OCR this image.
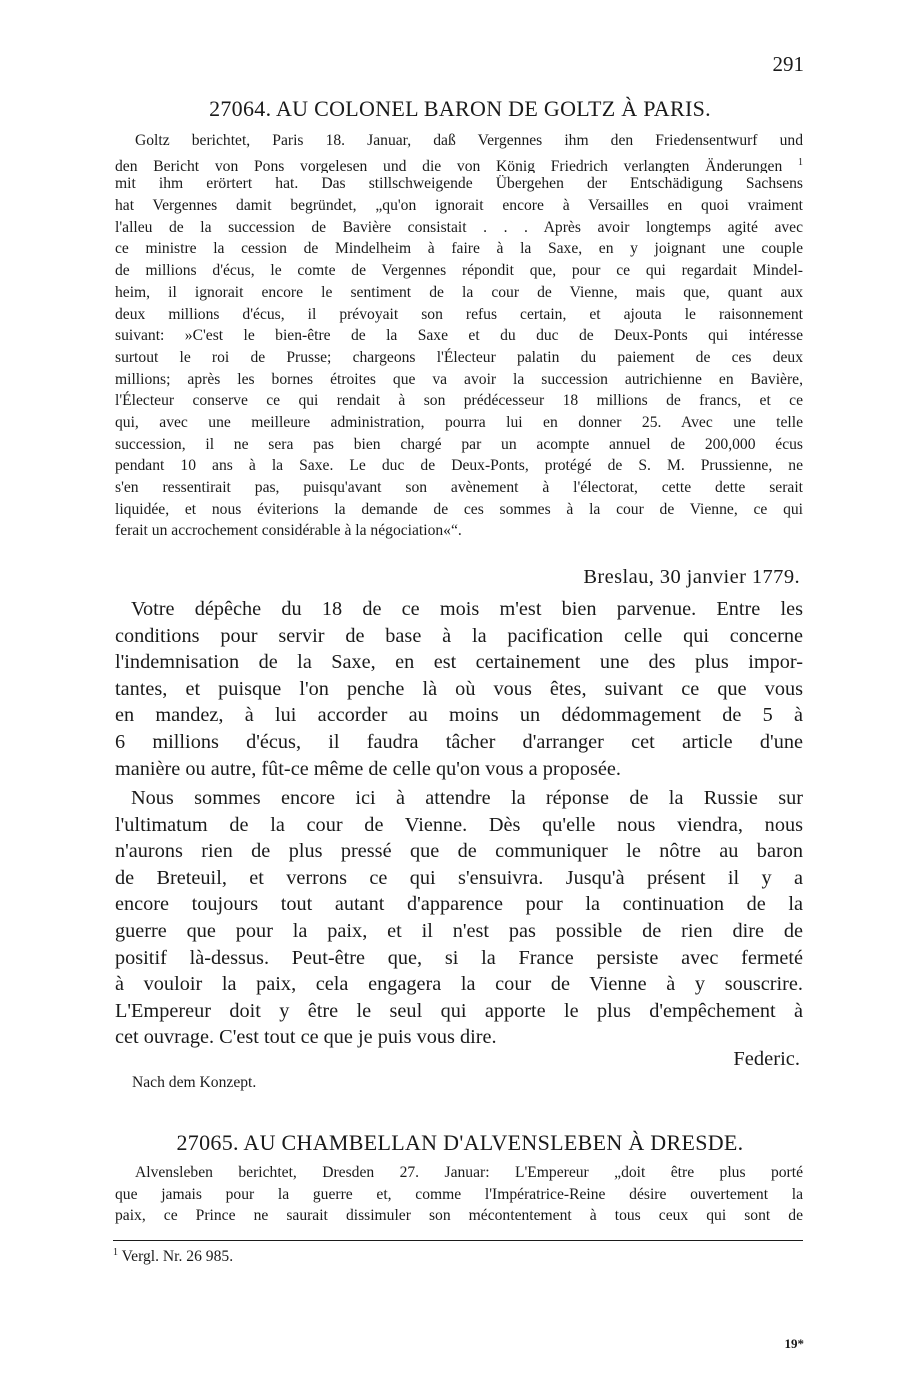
291
27064. AU COLONEL BARON DE GOLTZ À PARIS.
Goltz berichtet, Paris 18. Januar, daß Vergennes ihm den Friedensentwurf und
den Bericht von Pons vorgelesen und die von König Friedrich verlangten Änderungen $^1$
mit ihm erörtert hat. Das stillschweigende Übergehen der Entschädigung Sachsens
hat Vergennes damit begründet, „qu'on ignorait encore à Versailles en quoi vraiment
l'alleu de la succession de Bavière consistait . . . Après avoir longtemps agité avec
ce ministre la cession de Mindelheim à faire à la Saxe, en y joignant une couple
de millions d'écus, le comte de Vergennes répondit que, pour ce qui regardait Mindel-
heim, il ignorait encore le sentiment de la cour de Vienne, mais que, quant aux
deux millions d'écus, il prévoyait son refus certain, et ajouta le raisonnement
suivant: »C'est le bien-être de la Saxe et du duc de Deux-Ponts qui intéresse
surtout le roi de Prusse; chargeons l'Électeur palatin du paiement de ces deux
millions; après les bornes étroites que va avoir la succession autrichienne en Bavière,
l'Électeur conserve ce qui rendait à son prédécesseur 18 millions de francs, et ce
qui, avec une meilleure administration, pourra lui en donner 25. Avec une telle
succession, il ne sera pas bien chargé par un acompte annuel de 200,000 écus
pendant 10 ans à la Saxe. Le duc de Deux-Ponts, protégé de S. M. Prussienne, ne
s'en ressentirait pas, puisqu'avant son avènement à l'électorat, cette dette serait
liquidée, et nous éviterions la demande de ces sommes à la cour de Vienne, ce qui
ferait un accrochement considérable à la négociation«“.
Breslau, 30 janvier 1779.
Votre dépêche du 18 de ce mois m'est bien parvenue. Entre les
conditions pour servir de base à la pacification celle qui concerne
l'indemnisation de la Saxe, en est certainement une des plus impor-
tantes, et puisque l'on penche là où vous êtes, suivant ce que vous
en mandez, à lui accorder au moins un dédommagement de 5 à
6 millions d'écus, il faudra tâcher d'arranger cet article d'une
manière ou autre, fût-ce même de celle qu'on vous a proposée.
Nous sommes encore ici à attendre la réponse de la Russie sur
l'ultimatum de la cour de Vienne. Dès qu'elle nous viendra, nous
n'aurons rien de plus pressé que de communiquer le nôtre au baron
de Breteuil, et verrons ce qui s'ensuivra. Jusqu'à présent il y a
encore toujours tout autant d'apparence pour la continuation de la
guerre que pour la paix, et il n'est pas possible de rien dire de
positif là-dessus. Peut-être que, si la France persiste avec fermeté
à vouloir la paix, cela engagera la cour de Vienne à y souscrire.
L'Empereur doit y être le seul qui apporte le plus d'empêchement à
cet ouvrage. C'est tout ce que je puis vous dire.
Federic.
Nach dem Konzept.
27065. AU CHAMBELLAN D'ALVENSLEBEN À DRESDE.
Alvensleben berichtet, Dresden 27. Januar: L'Empereur „doit être plus porté
que jamais pour la guerre et, comme l'Impératrice-Reine désire ouvertement la
paix, ce Prince ne saurait dissimuler son mécontentement à tous ceux qui sont de
$^1$ Vergl. Nr. 26 985.
19*
